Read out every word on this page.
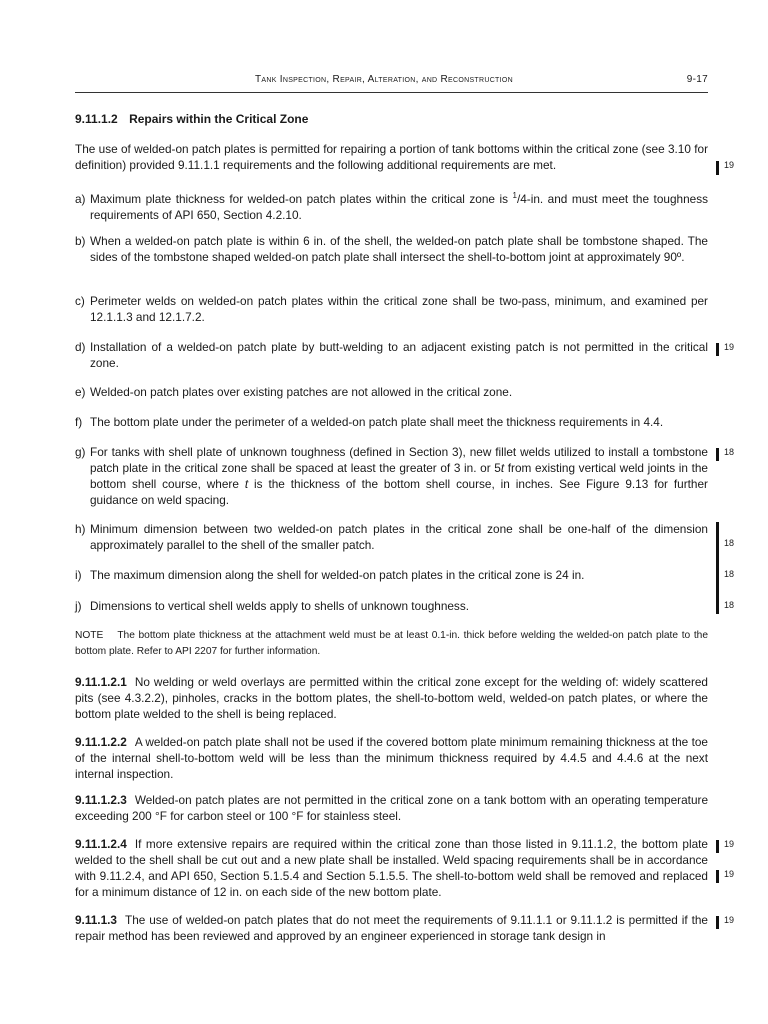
Tank Inspection, Repair, Alteration, and Reconstruction	9-17
9.11.1.2 Repairs within the Critical Zone
The use of welded-on patch plates is permitted for repairing a portion of tank bottoms within the critical zone (see 3.10 for definition) provided 9.11.1.1 requirements and the following additional requirements are met.
a) Maximum plate thickness for welded-on patch plates within the critical zone is $^1$/4-in. and must meet the toughness requirements of API 650, Section 4.2.10.
b) When a welded-on patch plate is within 6 in. of the shell, the welded-on patch plate shall be tombstone shaped. The sides of the tombstone shaped welded-on patch plate shall intersect the shell-to-bottom joint at approximately 90º.
c) Perimeter welds on welded-on patch plates within the critical zone shall be two-pass, minimum, and examined per 12.1.1.3 and 12.1.7.2.
d) Installation of a welded-on patch plate by butt-welding to an adjacent existing patch is not permitted in the critical zone.
e) Welded-on patch plates over existing patches are not allowed in the critical zone.
f) The bottom plate under the perimeter of a welded-on patch plate shall meet the thickness requirements in 4.4.
g) For tanks with shell plate of unknown toughness (defined in Section 3), new fillet welds utilized to install a tombstone patch plate in the critical zone shall be spaced at least the greater of 3 in. or 5t from existing vertical weld joints in the bottom shell course, where t is the thickness of the bottom shell course, in inches. See Figure 9.13 for further guidance on weld spacing.
h) Minimum dimension between two welded-on patch plates in the critical zone shall be one-half of the dimension approximately parallel to the shell of the smaller patch.
i) The maximum dimension along the shell for welded-on patch plates in the critical zone is 24 in.
j) Dimensions to vertical shell welds apply to shells of unknown toughness.
NOTE The bottom plate thickness at the attachment weld must be at least 0.1-in. thick before welding the welded-on patch plate to the bottom plate. Refer to API 2207 for further information.
9.11.1.2.1 No welding or weld overlays are permitted within the critical zone except for the welding of: widely scattered pits (see 4.3.2.2), pinholes, cracks in the bottom plates, the shell-to-bottom weld, welded-on patch plates, or where the bottom plate welded to the shell is being replaced.
9.11.1.2.2 A welded-on patch plate shall not be used if the covered bottom plate minimum remaining thickness at the toe of the internal shell-to-bottom weld will be less than the minimum thickness required by 4.4.5 and 4.4.6 at the next internal inspection.
9.11.1.2.3 Welded-on patch plates are not permitted in the critical zone on a tank bottom with an operating temperature exceeding 200 °F for carbon steel or 100 °F for stainless steel.
9.11.1.2.4 If more extensive repairs are required within the critical zone than those listed in 9.11.1.2, the bottom plate welded to the shell shall be cut out and a new plate shall be installed. Weld spacing requirements shall be in accordance with 9.11.2.4, and API 650, Section 5.1.5.4 and Section 5.1.5.5. The shell-to-bottom weld shall be removed and replaced for a minimum distance of 12 in. on each side of the new bottom plate.
9.11.1.3 The use of welded-on patch plates that do not meet the requirements of 9.11.1.1 or 9.11.1.2 is permitted if the repair method has been reviewed and approved by an engineer experienced in storage tank design in
19
19
18
18
18
18
19
19
19
